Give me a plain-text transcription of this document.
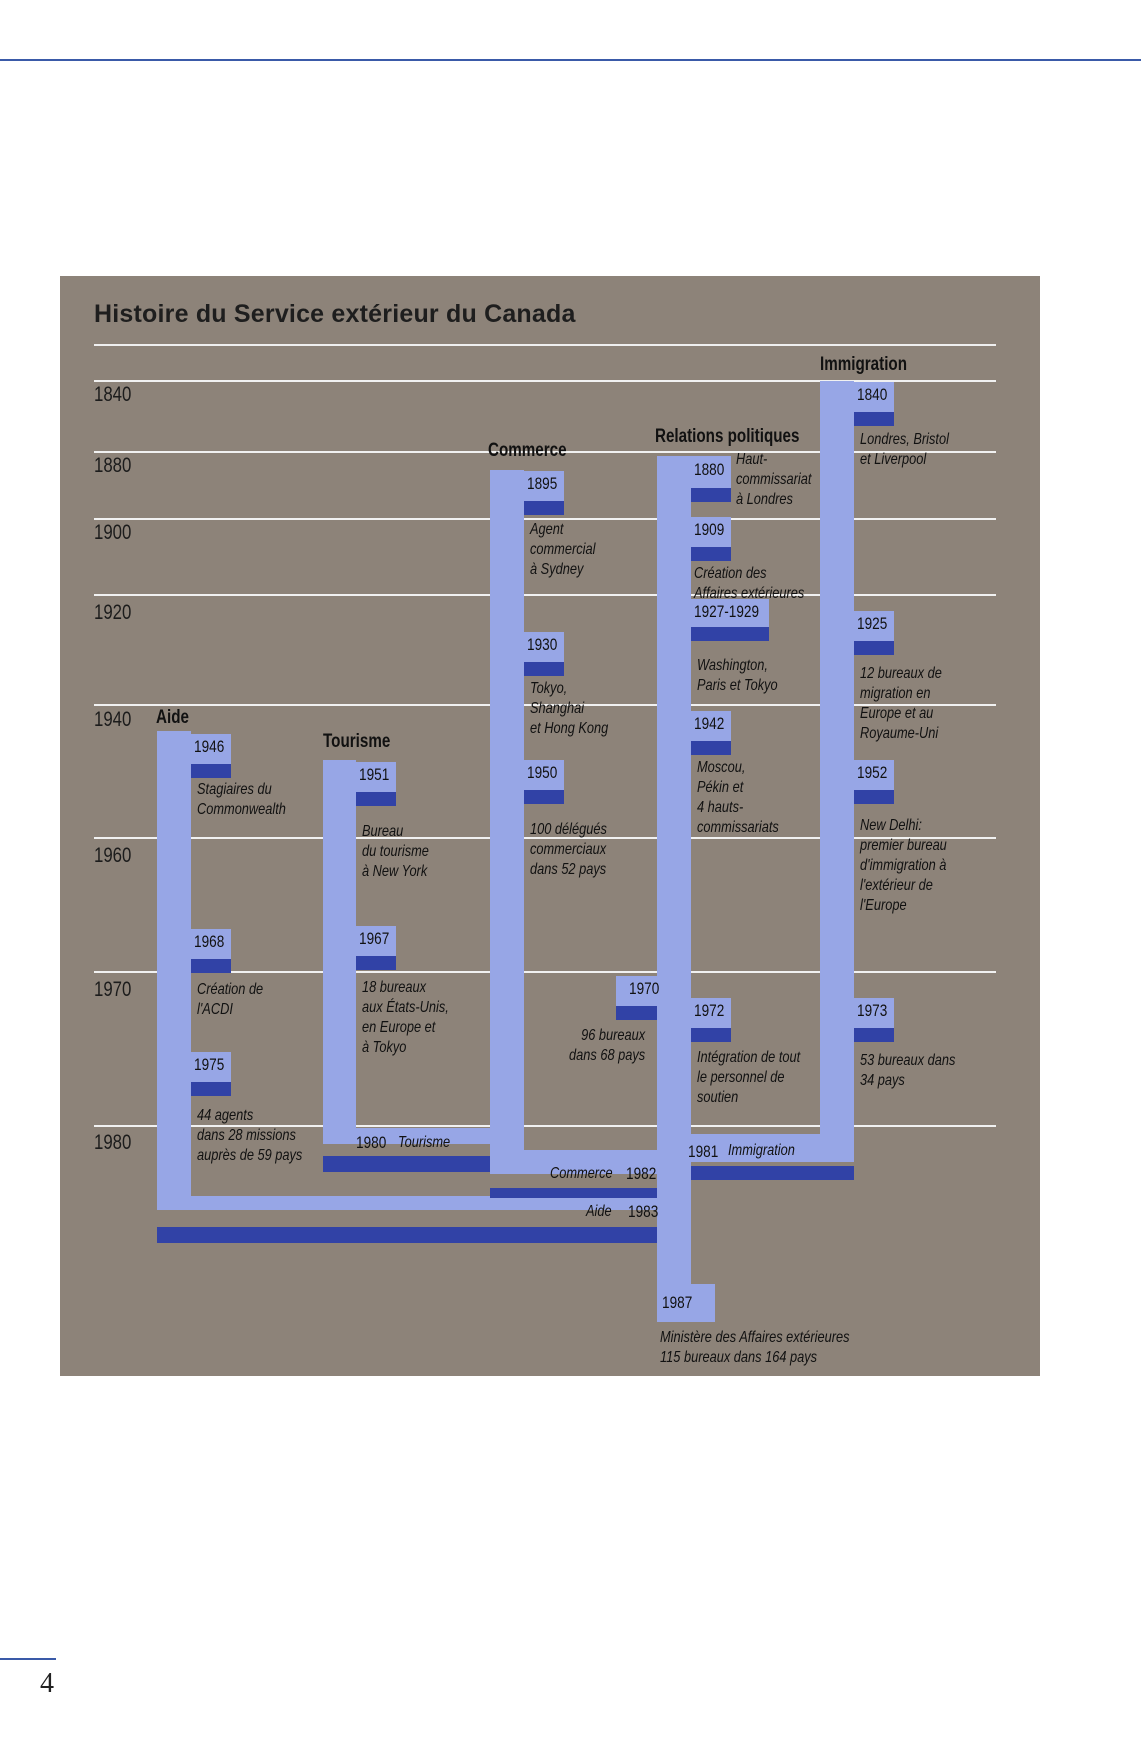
Histoire du Service extérieur du Canada
1840
1880
1900
1920
1940
1960
1970
1980
Aide
Tourisme
Commerce
Relations politiques
Immigration
1946
Stagiaires du
Commonwealth
1968
Création de
l'ACDI
1975
44 agents
dans 28 missions
auprès de 59 pays
1951
Bureau
du tourisme
à New York
1967
18 bureaux
aux États-Unis,
en Europe et
à Tokyo
1895
Agent
commercial
à Sydney
1930
Tokyo,
Shanghai
et Hong Kong
1950
100 délégués
commerciaux
dans 52 pays
1970
96 bureaux
dans 68 pays
1880
Haut-
commissariat
à Londres
1909
Création des
Affaires extérieures
1927-1929
Washington,
Paris et Tokyo
1942
Moscou,
Pékin et
4 hauts-
commissariats
1972
Intégration de tout
le personnel de
soutien
1840
Londres, Bristol
et Liverpool
1925
12 bureaux de
migration en
Europe et au
Royaume-Uni
1952
New Delhi:
premier bureau
d'immigration à
l'extérieur de
l'Europe
1973
53 bureaux dans
34 pays
1980 Tourisme	1981 Immigration
Commerce 1982
Aide 1983
1987
Ministère des Affaires extérieures
115 bureaux dans 164 pays
4
